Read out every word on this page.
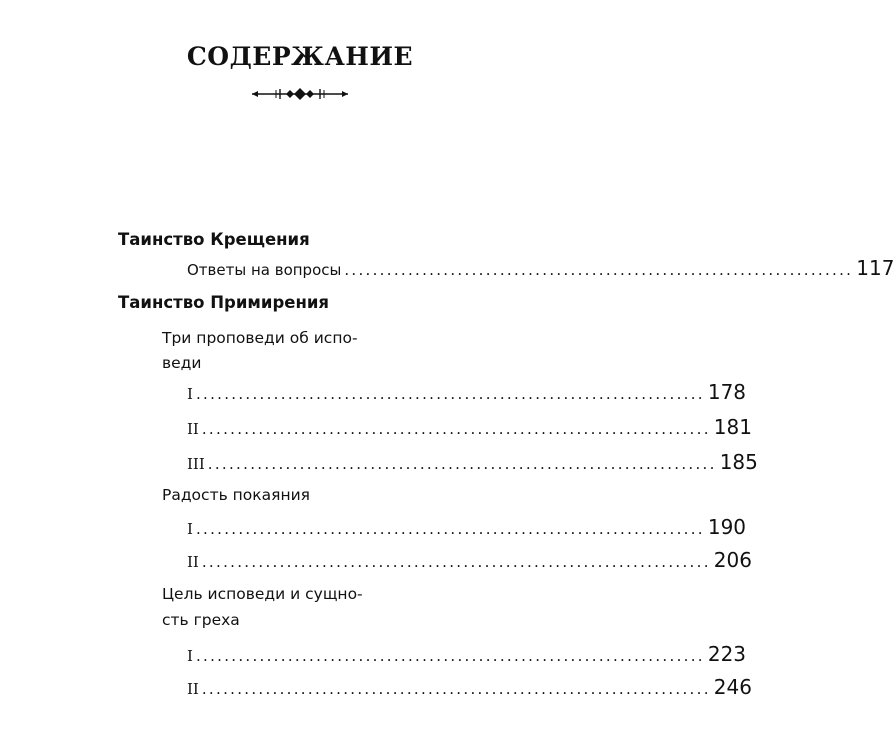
СОДЕРЖАНИЕ
Таинство Крещения
Ответы на вопросы ........................................................................ 117
Таинство Примирения
Три проповеди об испо-
веди
I ........................................................................ 178
II ........................................................................ 181
III ........................................................................ 185
Радость покаяния
I ........................................................................ 190
II ........................................................................ 206
Цель исповеди и сущно-
сть греха
I ........................................................................ 223
II ........................................................................ 246
